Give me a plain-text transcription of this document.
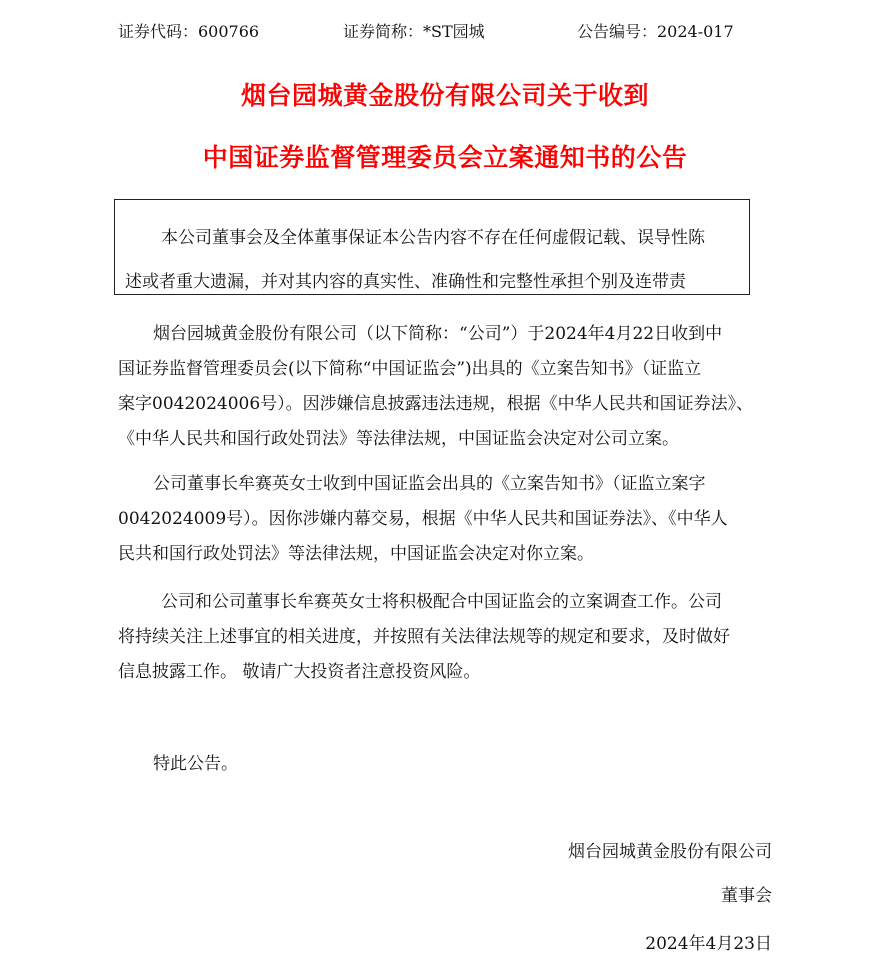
证券代码：600766	证券简称：*ST园城	公告编号：2024-017
烟台园城黄金股份有限公司关于收到
中国证券监督管理委员会立案通知书的公告

本公司董事会及全体董事保证本公告内容不存在任何虚假记载、误导性陈

述或者重大遗漏，并对其内容的真实性、准确性和完整性承担个别及连带责

烟台园城黄金股份有限公司（以下简称：“公司”）于2024年4月22日收到中
国证券监督管理委员会(以下简称“中国证监会”)出具的《立案告知书》（证监立
案字0042024006号）。因涉嫌信息披露违法违规，根据《中华人民共和国证券法》、
《中华人民共和国行政处罚法》等法律法规，中国证监会决定对公司立案。
公司董事长牟赛英女士收到中国证监会出具的《立案告知书》（证监立案字
0042024009号）。因你涉嫌内幕交易，根据《中华人民共和国证券法》、《中华人
民共和国行政处罚法》等法律法规，中国证监会决定对你立案。
公司和公司董事长牟赛英女士将积极配合中国证监会的立案调查工作。公司
将持续关注上述事宜的相关进度，并按照有关法律法规等的规定和要求，及时做好
信息披露工作。 敬请广大投资者注意投资风险。

特此公告。

烟台园城黄金股份有限公司

董事会

2024年4月23日
